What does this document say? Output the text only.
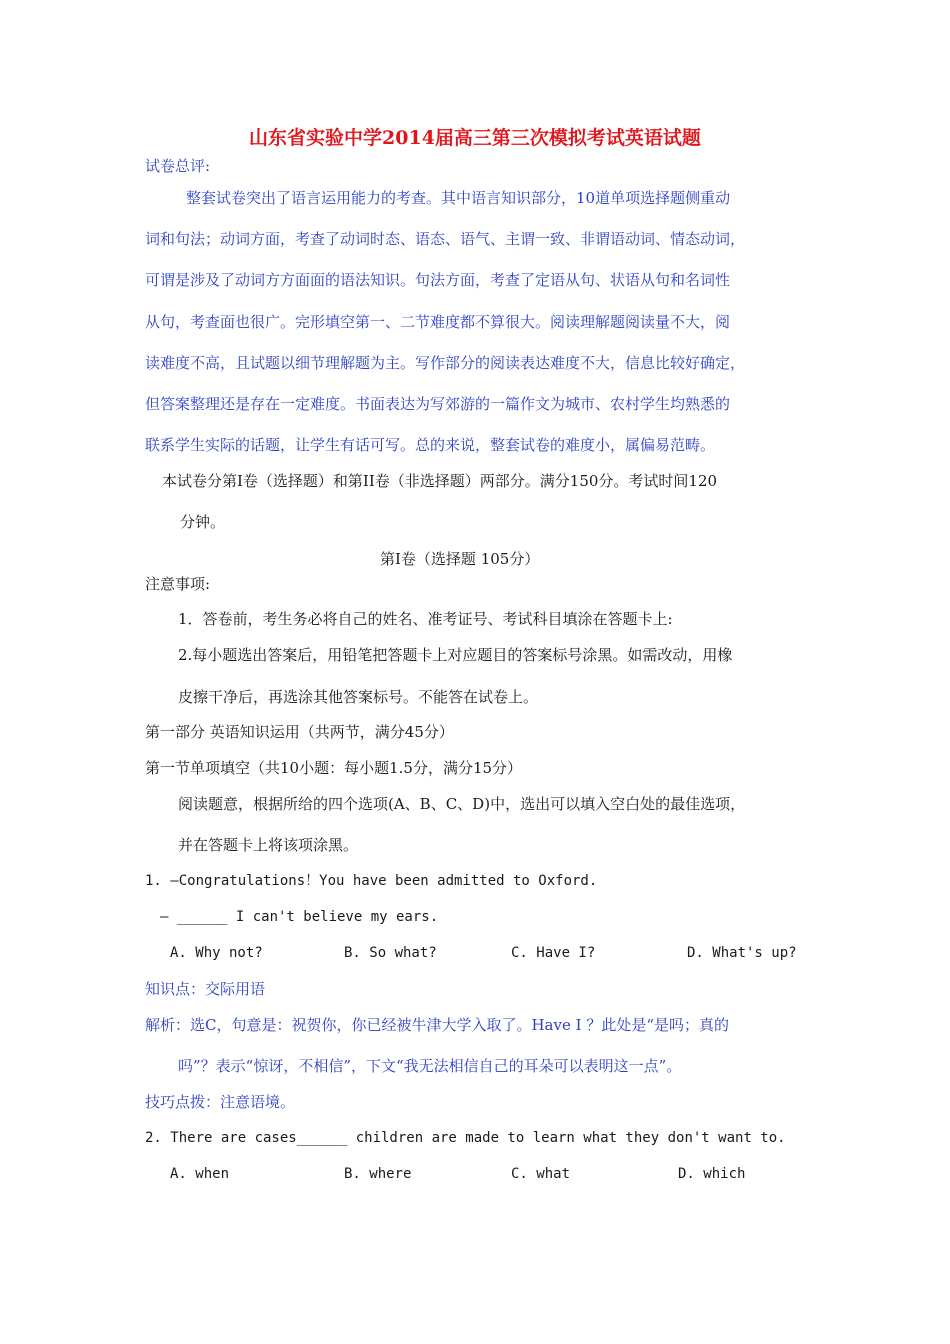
山东省实验中学2014届高三第三次模拟考试英语试题
试卷总评:
整套试卷突出了语言运用能力的考查。其中语言知识部分，10道单项选择题侧重动
词和句法；动词方面，考查了动词时态、语态、语气、主谓一致、非谓语动词、情态动词，
可谓是涉及了动词方方面面的语法知识。句法方面，考查了定语从句、状语从句和名词性
从句，考查面也很广。完形填空第一、二节难度都不算很大。阅读理解题阅读量不大，阅
读难度不高，且试题以细节理解题为主。写作部分的阅读表达难度不大，信息比较好确定，
但答案整理还是存在一定难度。书面表达为写郊游的一篇作文为城市、农村学生均熟悉的
联系学生实际的话题，让学生有话可写。总的来说，整套试卷的难度小，属偏易范畴。
本试卷分第I卷（选择题）和第II卷（非选择题）两部分。满分150分。考试时间120
分钟。
第I卷（选择题 105分）
注意事项:
1．答卷前，考生务必将自己的姓名、准考证号、考试科目填涂在答题卡上:
2.每小题选出答案后，用铅笔把答题卡上对应题目的答案标号涂黑。如需改动，用橡
皮擦干净后，再选涂其他答案标号。不能答在试卷上。
第一部分 英语知识运用（共两节，满分45分）
第一节单项填空（共10小题：每小题1.5分，满分15分）
阅读题意，根据所给的四个选项(A、B、C、D)中，选出可以填入空白处的最佳选项，
并在答题卡上将该项涂黑。
1. —Congratulations！You have been admitted to Oxford.
— ______ I can't believe my ears.
A. Why not?	B. So what?	C. Have I?	D. What's up?
知识点：交际用语
解析：选C，句意是：祝贺你，你已经被牛津大学入取了。Have I ？此处是“是吗；真的
吗”？表示“惊讶，不相信”，下文“我无法相信自己的耳朵可以表明这一点”。
技巧点拨：注意语境。
2. There are cases______ children are made to learn what they don't want to.
A. when	B. where	C. what	D. which
